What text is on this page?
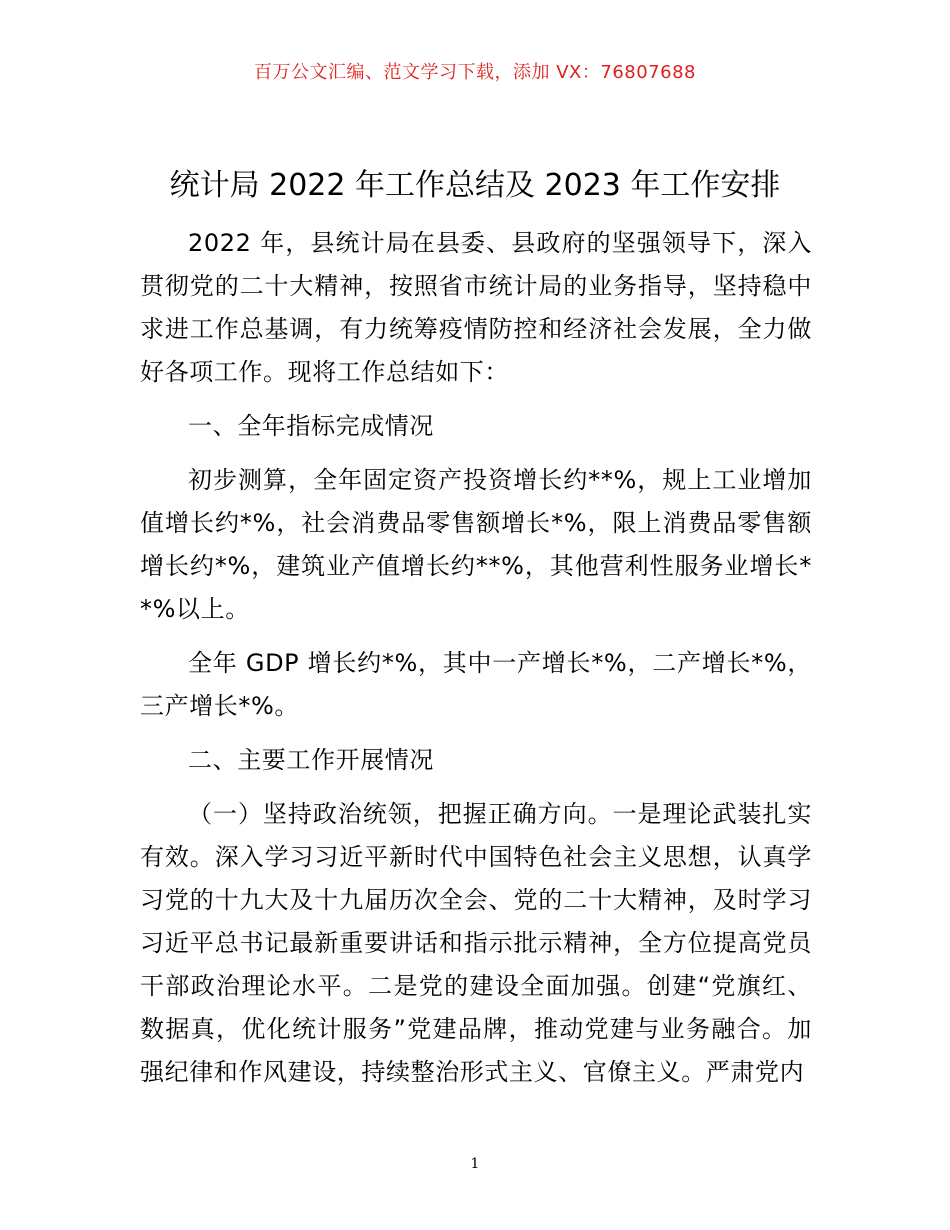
百万公文汇编、范文学习下载，添加 VX：76807688
统计局 2022 年工作总结及 2023 年工作安排

2022 年，县统计局在县委、县政府的坚强领导下，深入贯彻党的二十大精神，按照省市统计局的业务指导，坚持稳中求进工作总基调，有力统筹疫情防控和经济社会发展，全力做好各项工作。现将工作总结如下：

一、全年指标完成情况

初步测算，全年固定资产投资增长约**%，规上工业增加值增长约*%，社会消费品零售额增长*%，限上消费品零售额增长约*%，建筑业产值增长约**%，其他营利性服务业增长**%以上。

全年 GDP 增长约*%，其中一产增长*%，二产增长*%，三产增长*%。

二、主要工作开展情况

（一）坚持政治统领，把握正确方向。一是理论武装扎实有效。深入学习习近平新时代中国特色社会主义思想，认真学习党的十九大及十九届历次全会、党的二十大精神，及时学习习近平总书记最新重要讲话和指示批示精神，全方位提高党员干部政治理论水平。二是党的建设全面加强。创建“党旗红、数据真，优化统计服务”党建品牌，推动党建与业务融合。加强纪律和作风建设，持续整治形式主义、官僚主义。严肃党内

1
